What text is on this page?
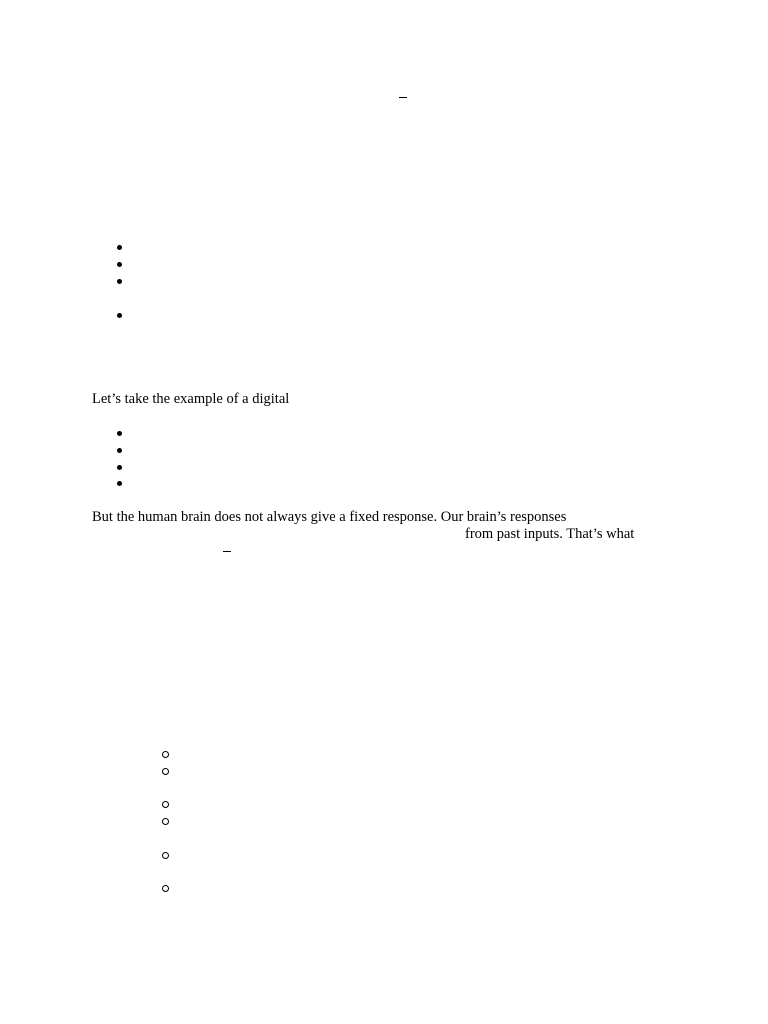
Let’s take the example of a digital
But the human brain does not always give a fixed response. Our brain’s responses
from past inputs. That’s what
